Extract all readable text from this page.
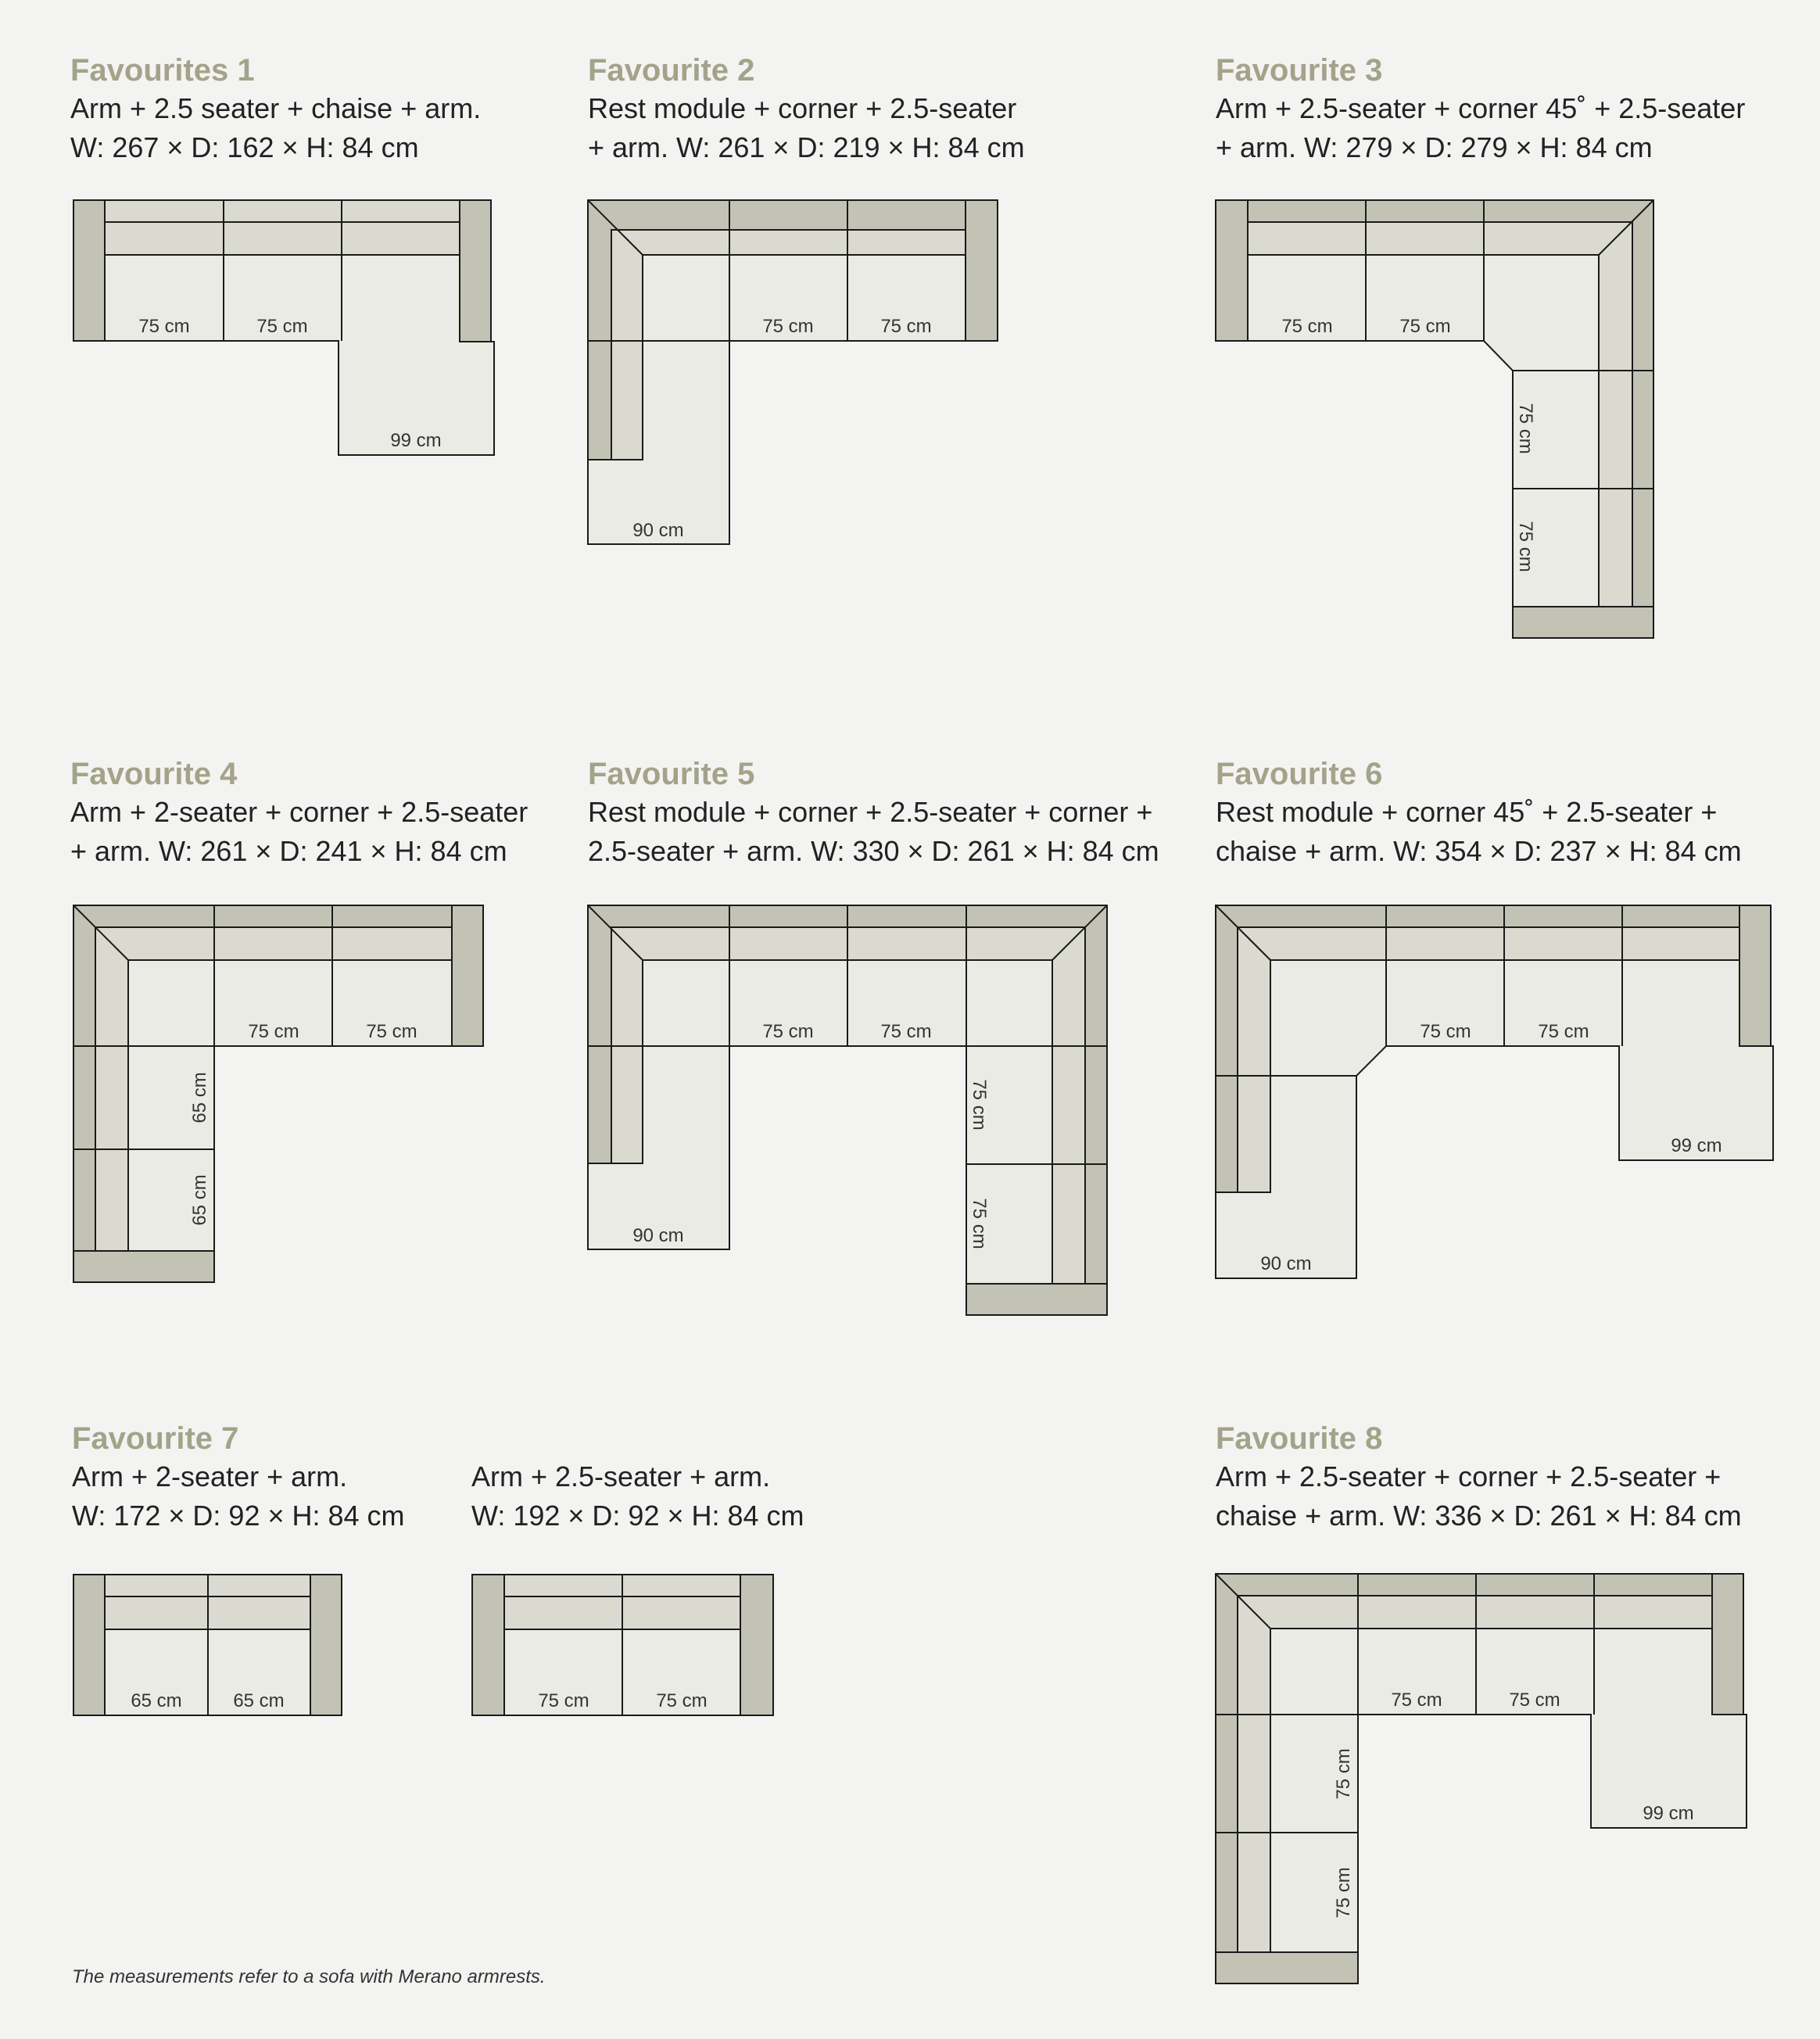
Favourites 1

Arm + 2.5 seater + chaise + arm.
W: 267 × D: 162 × H: 84 cm

Favourite 2

Rest module + corner + 2.5-seater
+ arm. W: 261 × D: 219 × H: 84 cm

Favourite 3

Arm + 2.5-seater + corner 45˚ + 2.5-seater
+ arm. W: 279 × D: 279 × H: 84 cm

Favourite 4

Arm + 2-seater + corner + 2.5-seater
+ arm. W: 261 × D: 241 × H: 84 cm

Favourite 5

Rest module + corner + 2.5-seater + corner +
2.5-seater + arm. W: 330 × D: 261 × H: 84 cm

Favourite 6

Rest module + corner 45˚ + 2.5-seater +
chaise + arm. W: 354 × D: 237 × H: 84 cm

Favourite 7

Arm + 2-seater + arm.
W: 172 × D: 92 × H: 84 cm

Arm + 2.5-seater + arm.
W: 192 × D: 92 × H: 84 cm

Favourite 8

Arm + 2.5-seater + corner + 2.5-seater +
chaise + arm. W: 336 × D: 261 × H: 84 cm

75 cm	75 cm
99 cm
75 cm	75 cm
90 cm
75 cm	75 cm
75 cm
75 cm
75 cm	75 cm
65 cm
65 cm
75 cm	75 cm
90 cm
75 cm
75 cm
75 cm	75 cm
99 cm
90 cm
65 cm	65 cm	75 cm	75 cm	75 cm	75 cm
99 cm
75 cm
75 cm
The measurements refer to a sofa with Merano armrests.
